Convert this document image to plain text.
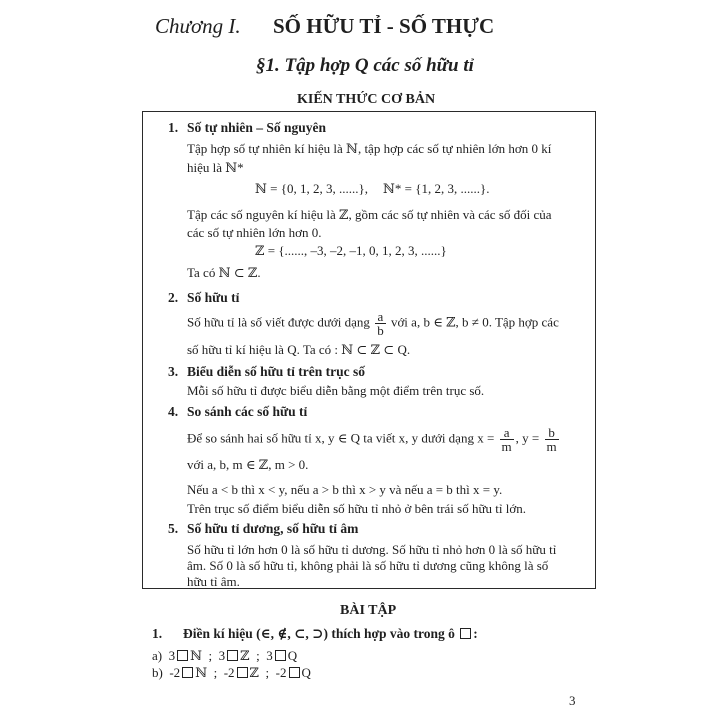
Chương I. SỐ HỮU TỈ - SỐ THỰC
§1. Tập hợp Q các số hữu tỉ
KIẾN THỨC CƠ BẢN
1. Số tự nhiên – Số nguyên
Tập hợp số tự nhiên kí hiệu là ℕ, tập hợp các số tự nhiên lớn hơn 0 kí
hiệu là ℕ*
ℕ = {0, 1, 2, 3, ......}, ℕ* = {1, 2, 3, ......}.
Tập các số nguyên kí hiệu là ℤ, gồm các số tự nhiên và các số đối của
các số tự nhiên lớn hơn 0.
ℤ = {......, –3, –2, –1, 0, 1, 2, 3, ......}
Ta có ℕ ⊂ ℤ.
2. Số hữu tỉ
Số hữu tỉ là số viết được dưới dạng $\frac{a}{b}$ với a, b ∈ ℤ, b ≠ 0. Tập hợp các
số hữu tỉ kí hiệu là Q. Ta có : ℕ ⊂ ℤ ⊂ Q.
3. Biểu diễn số hữu tỉ trên trục số
Mỗi số hữu tỉ được biểu diễn bằng một điểm trên trục số.
4. So sánh các số hữu tỉ
Để so sánh hai số hữu tỉ x, y ∈ Q ta viết x, y dưới dạng $x = \frac{a}{m}$ , $y = \frac{b}{m}$
với a, b, m ∈ ℤ, m > 0.
Nếu a < b thì x < y, nếu a > b thì x > y và nếu a = b thì x = y.
Trên trục số điểm biểu diễn số hữu tỉ nhỏ ở bên trái số hữu tỉ lớn.
5. Số hữu tỉ dương, số hữu tỉ âm
Số hữu tỉ lớn hơn 0 là số hữu tỉ dương. Số hữu tỉ nhỏ hơn 0 là số hữu tỉ
âm. Số 0 là số hữu tỉ, không phải là số hữu tỉ dương cũng không là số
hữu tỉ âm.
BÀI TẬP
1. Điền kí hiệu (∈, ∉, ⊂, ⊃) thích hợp vào trong ô :
a) 3 ℕ ; 3 ℤ ; 3 Q
b) -2 ℕ ; -2 ℤ ; -2 Q
3
